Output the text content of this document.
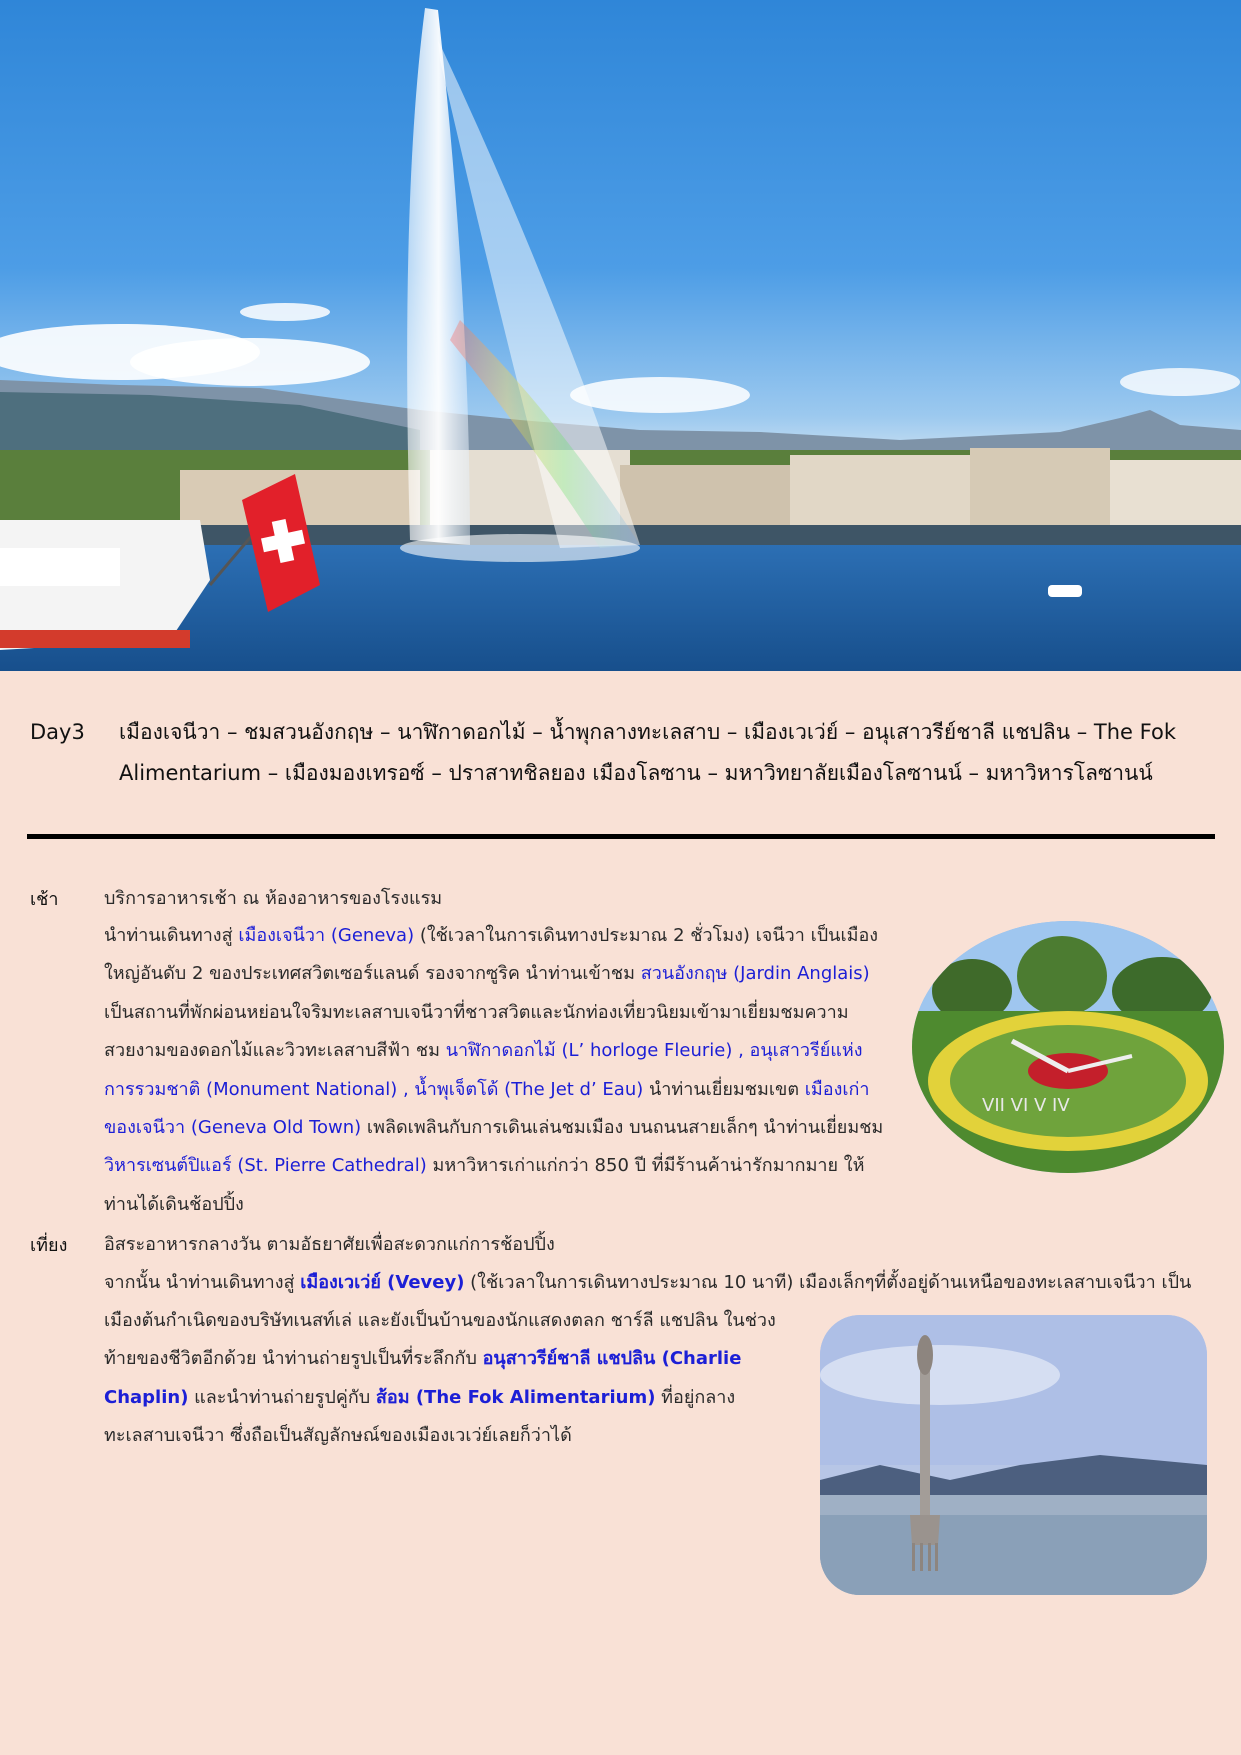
Day3 เมืองเจนีวา – ชมสวนอังกฤษ – นาฬิกาดอกไม้ – น้ำพุกลางทะเลสาบ – เมืองเวเว่ย์ – อนุเสาวรีย์ชาลี แชปลิน – The Fok Alimentarium – เมืองมองเทรอซ์ – ปราสาทชิลยอง เมืองโลซาน – มหาวิทยาลัยเมืองโลซานน์ – มหาวิหารโลซานน์
เช้า	บริการอาหารเช้า ณ ห้องอาหารของโรงแรม
นำท่านเดินทางสู่ เมืองเจนีวา (Geneva) (ใช้เวลาในการเดินทางประมาณ 2 ชั่วโมง) เจนีวา เป็นเมืองใหญ่อันดับ 2 ของประเทศสวิตเซอร์แลนด์ รองจากซูริค นำท่านเข้าชม สวนอังกฤษ (Jardin Anglais) เป็นสถานที่พักผ่อนหย่อนใจริมทะเลสาบเจนีวาที่ชาวสวิตและนักท่องเที่ยวนิยมเข้ามาเยี่ยมชมความสวยงามของดอกไม้และวิวทะเลสาบสีฟ้า ชม นาฬิกาดอกไม้ (L’ horloge Fleurie) , อนุเสาวรีย์แห่งการรวมชาติ (Monument National) , น้ำพุเจ็ตโด้ (The Jet d’ Eau) นำท่านเยี่ยมชมเขต เมืองเก่าของเจนีวา (Geneva Old Town) เพลิดเพลินกับการเดินเล่นชมเมือง บนถนนสายเล็กๆ นำท่านเยี่ยมชม วิหารเซนต์ปิแอร์ (St. Pierre Cathedral) มหาวิหารเก่าแก่กว่า 850 ปี ที่มีร้านค้าน่ารักมากมาย ให้ท่านได้เดินช้อปปิ้ง
VII VI V IV
เที่ยง อิสระอาหารกลางวัน ตามอัธยาศัยเพื่อสะดวกแก่การช้อปปิ้ง
จากนั้น นำท่านเดินทางสู่ เมืองเวเว่ย์ (Vevey) (ใช้เวลาในการเดินทางประมาณ 10 นาที) เมืองเล็กๆที่ตั้งอยู่ด้านเหนือของทะเลสาบเจนีวา เป็น
เมืองต้นกำเนิดของบริษัทเนสท์เล่ และยังเป็นบ้านของนักแสดงตลก ชาร์ลี แชปลิน ในช่วงท้ายของชีวิตอีกด้วย นำท่านถ่ายรูปเป็นที่ระลึกกับ อนุสาวรีย์ชาลี แชปลิน (Charlie Chaplin) และนำท่านถ่ายรูปคู่กับ ส้อม (The Fok Alimentarium) ที่อยู่กลางทะเลสาบเจนีวา ซึ่งถือเป็นสัญลักษณ์ของเมืองเวเว่ย์เลยก็ว่าได้
